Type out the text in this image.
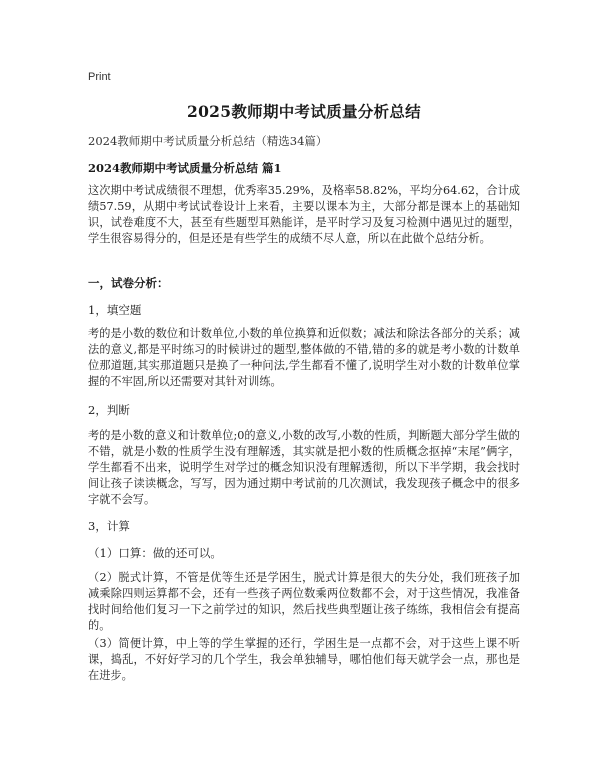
Print
2025教师期中考试质量分析总结
2024教师期中考试质量分析总结（精选34篇）
2024教师期中考试质量分析总结 篇1
这次期中考试成绩很不理想，优秀率35.29%，及格率58.82%，平均分64.62，合计成绩57.59，从期中考试试卷设计上来看，主要以课本为主，大部分都是课本上的基础知识，试卷难度不大，甚至有些题型耳熟能详，是平时学习及复习检测中遇见过的题型，学生很容易得分的，但是还是有些学生的成绩不尽人意，所以在此做个总结分析。
一，试卷分析：
1，填空题
考的是小数的数位和计数单位,小数的单位换算和近似数；减法和除法各部分的关系；减法的意义,都是平时练习的时候讲过的题型,整体做的不错,错的多的就是考小数的计数单位那道题,其实那道题只是换了一种问法,学生都看不懂了,说明学生对小数的计数单位掌握的不牢固,所以还需要对其针对训练。
2，判断
考的是小数的意义和计数单位;0的意义,小数的改写,小数的性质，判断题大部分学生做的不错，就是小数的性质学生没有理解透，其实就是把小数的性质概念抠掉“末尾”俩字，学生都看不出来，说明学生对学过的概念知识没有理解透彻，所以下半学期，我会找时间让孩子读读概念，写写，因为通过期中考试前的几次测试，我发现孩子概念中的很多字就不会写。
3，计算
（1）口算：做的还可以。
（2）脱式计算，不管是优等生还是学困生，脱式计算是很大的失分处，我们班孩子加减乘除四则运算都不会，还有一些孩子两位数乘两位数都不会，对于这些情况，我准备找时间给他们复习一下之前学过的知识，然后找些典型题让孩子练练，我相信会有提高的。
（3）简便计算，中上等的学生掌握的还行，学困生是一点都不会，对于这些上课不听课，捣乱，不好好学习的几个学生，我会单独辅导，哪怕他们每天就学会一点，那也是在进步。
